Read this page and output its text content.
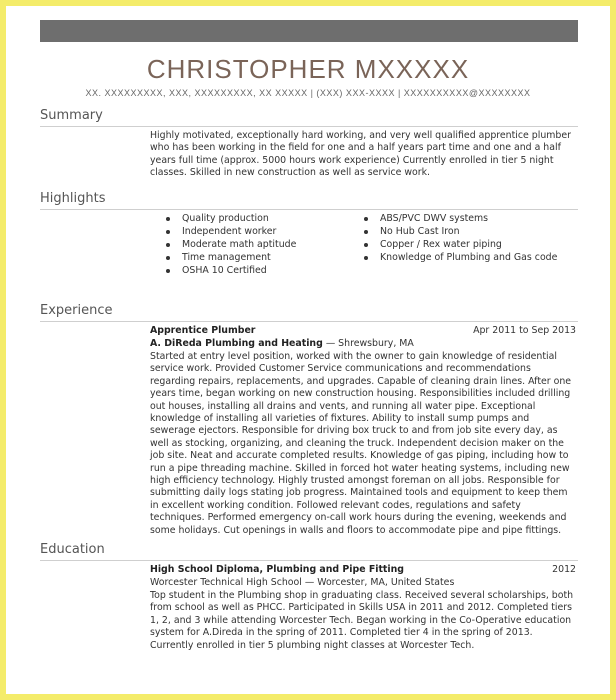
CHRISTOPHER MXXXXX
XX. XXXXXXXXX, XXX, XXXXXXXXX, XX XXXXX | (XXX) XXX-XXXX | XXXXXXXXXX@XXXXXXXX
Summary
Highly motivated, exceptionally hard working, and very well qualified apprentice plumber who has been working in the field for one and a half years part time and one and a half years full time (approx. 5000 hours work experience) Currently enrolled in tier 5 night classes. Skilled in new construction as well as service work.
Highlights
Quality production
Independent worker
Moderate math aptitude
Time management
OSHA 10 Certified
ABS/PVC DWV systems
No Hub Cast Iron
Copper / Rex water piping
Knowledge of Plumbing and Gas code
Experience
Apprentice Plumber	Apr 2011 to Sep 2013
A. DiReda Plumbing and Heating — Shrewsbury, MA
Started at entry level position, worked with the owner to gain knowledge of residential service work. Provided Customer Service communications and recommendations regarding repairs, replacements, and upgrades. Capable of cleaning drain lines. After one years time, began working on new construction housing. Responsibilities included drilling out houses, installing all drains and vents, and running all water pipe. Exceptional knowledge of installing all varieties of fixtures. Ability to install sump pumps and sewerage ejectors. Responsible for driving box truck to and from job site every day, as well as stocking, organizing, and cleaning the truck. Independent decision maker on the job site. Neat and accurate completed results. Knowledge of gas piping, including how to run a pipe threading machine. Skilled in forced hot water heating systems, including new high efficiency technology. Highly trusted amongst foreman on all jobs. Responsible for submitting daily logs stating job progress. Maintained tools and equipment to keep them in excellent working condition. Followed relevant codes, regulations and safety techniques. Performed emergency on-call work hours during the evening, weekends and some holidays. Cut openings in walls and floors to accommodate pipe and pipe fittings.
Education
High School Diploma, Plumbing and Pipe Fitting	2012
Worcester Technical High School — Worcester, MA, United States
Top student in the Plumbing shop in graduating class. Received several scholarships, both from school as well as PHCC. Participated in Skills USA in 2011 and 2012. Completed tiers 1, 2, and 3 while attending Worcester Tech. Began working in the Co-Operative education system for A.Direda in the spring of 2011. Completed tier 4 in the spring of 2013. Currently enrolled in tier 5 plumbing night classes at Worcester Tech.
